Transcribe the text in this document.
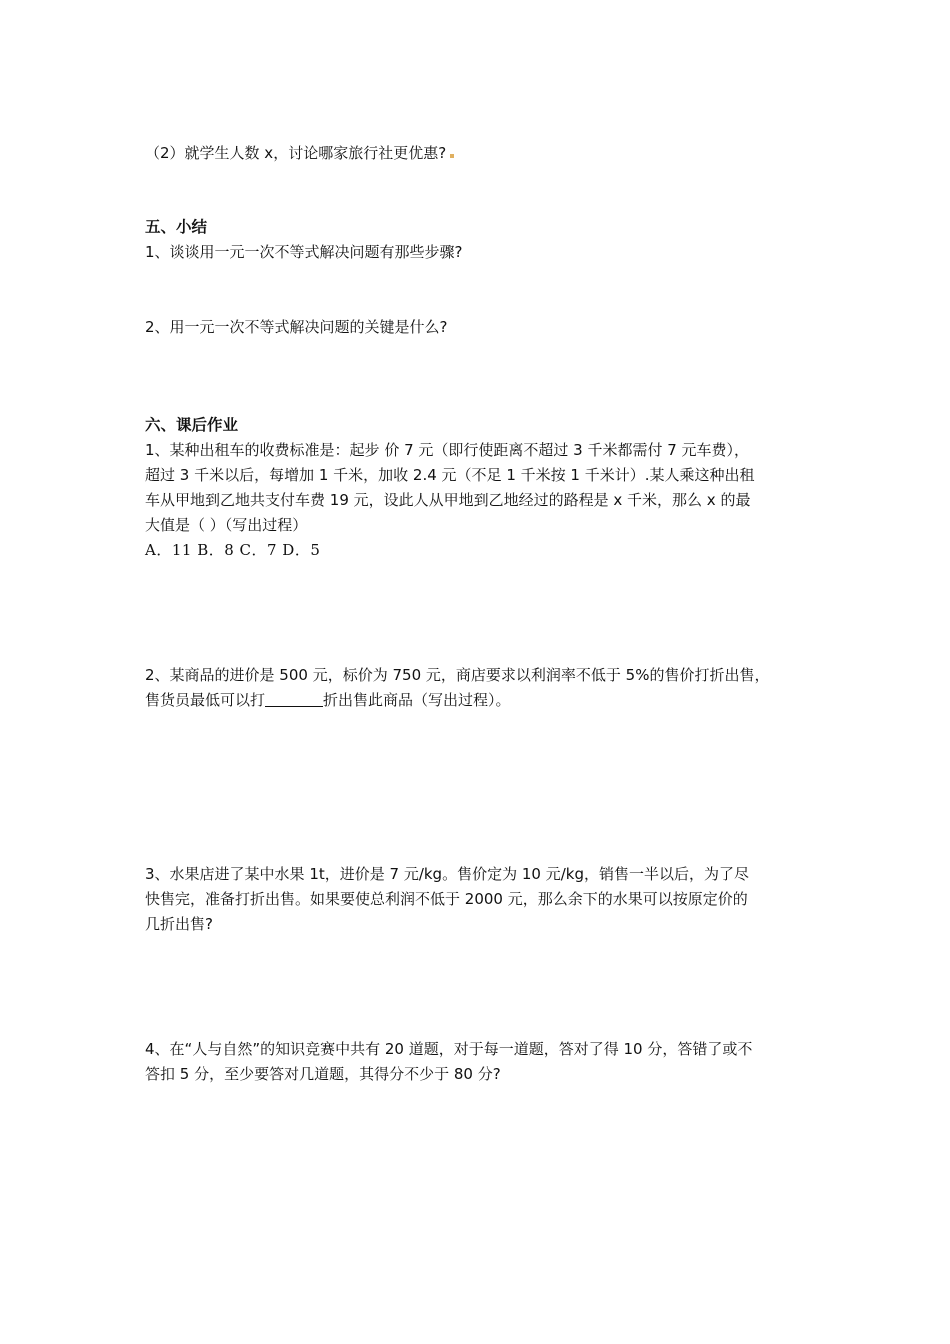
（2）就学生人数 x，讨论哪家旅行社更优惠?
五、小结
1、谈谈用一元一次不等式解决问题有那些步骤?
2、用一元一次不等式解决问题的关键是什么?
六、课后作业
1、某种出租车的收费标准是：起步 价 7 元（即行使距离不超过 3 千米都需付 7 元车费），
超过 3 千米以后，每增加 1 千米，加收 2.4 元（不足 1 千米按 1 千米计）.某人乘这种出租
车从甲地到乙地共支付车费 19 元，设此人从甲地到乙地经过的路程是 x 千米，那么 x 的最
大值是（ ）（写出过程）
A．11 B．8 C．7 D．5
2、某商品的进价是 500 元，标价为 750 元，商店要求以利润率不低于 5%的售价打折出售，
售货员最低可以打	折出售此商品（写出过程）。
3、水果店进了某中水果 1t，进价是 7 元/kg。售价定为 10 元/kg，销售一半以后，为了尽
快售完，准备打折出售。如果要使总利润不低于 2000 元，那么余下的水果可以按原定价的
几折出售?
4、在“人与自然”的知识竞赛中共有 20 道题，对于每一道题，答对了得 10 分，答错了或不
答扣 5 分，至少要答对几道题，其得分不少于 80 分?
